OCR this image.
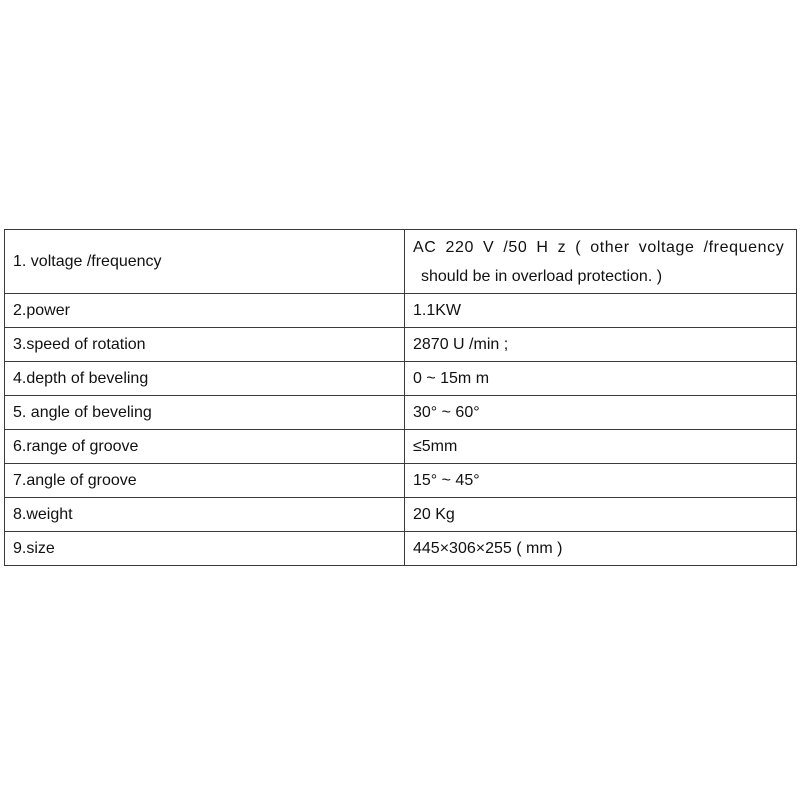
1. voltage /frequency	AC 220 V /50 H z ( other voltage /frequency
should be in overload protection. )

2.power	1.1KW
3.speed of rotation	2870 U /min ;
4.depth of beveling	0 ~ 15m m
5. angle of beveling	30° ~ 60°
6.range of groove	≤5mm
7.angle of groove	15° ~ 45°
8.weight	20 Kg
9.size	445×306×255 ( mm )
